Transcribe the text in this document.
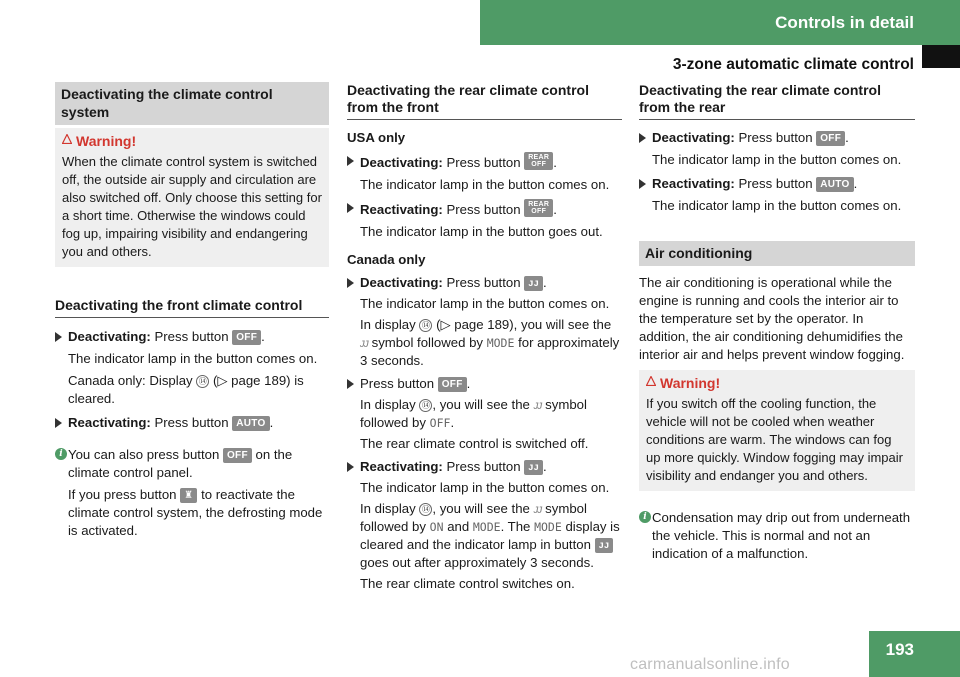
Controls in detail
3-zone automatic climate control
Deactivating the climate control system
Warning!
When the climate control system is switched off, the outside air supply and circulation are also switched off. Only choose this setting for a short time. Otherwise the windows could fog up, impairing visibility and endangering you and others.
Deactivating the front climate control
Deactivating: Press button OFF .
The indicator lamp in the button comes on.
Canada only: Display ⑭ (▷ page 189) is cleared.
Reactivating: Press button AUTO .
i You can also press button OFF on the climate control panel.
If you press button ♜ to reactivate the climate control system, the defrosting mode is activated.
Deactivating the rear climate control from the front
USA only
Deactivating: Press button REAR
OFF .
The indicator lamp in the button comes on.
Reactivating: Press button REAR
OFF .
The indicator lamp in the button goes out.
Canada only
Deactivating: Press button ᴊᴊ .
The indicator lamp in the button comes on.
In display ⑭ (▷ page 189), you will see the ᴊᴊ symbol followed by MODE for approximately 3 seconds.
Press button OFF .
In display ⑭ , you will see the ᴊᴊ symbol followed by OFF.
The rear climate control is switched off.
Reactivating: Press button ᴊᴊ .
The indicator lamp in the button comes on.
In display ⑭ , you will see the ᴊᴊ symbol followed by ON and MODE. The MODE display is cleared and the indicator lamp in button ᴊᴊ goes out after approximately 3 seconds.
The rear climate control switches on.
Deactivating the rear climate control from the rear
Deactivating: Press button OFF .
The indicator lamp in the button comes on.
Reactivating: Press button AUTO .
The indicator lamp in the button comes on.
Air conditioning
The air conditioning is operational while the engine is running and cools the interior air to the temperature set by the operator. In addition, the air conditioning dehumidifies the interior air and helps prevent window fogging.
Warning!
If you switch off the cooling function, the vehicle will not be cooled when weather conditions are warm. The windows can fog up more quickly. Window fogging may impair visibility and endanger you and others.
i Condensation may drip out from underneath the vehicle. This is normal and not an indication of a malfunction.
193
carmanualsonline.info
